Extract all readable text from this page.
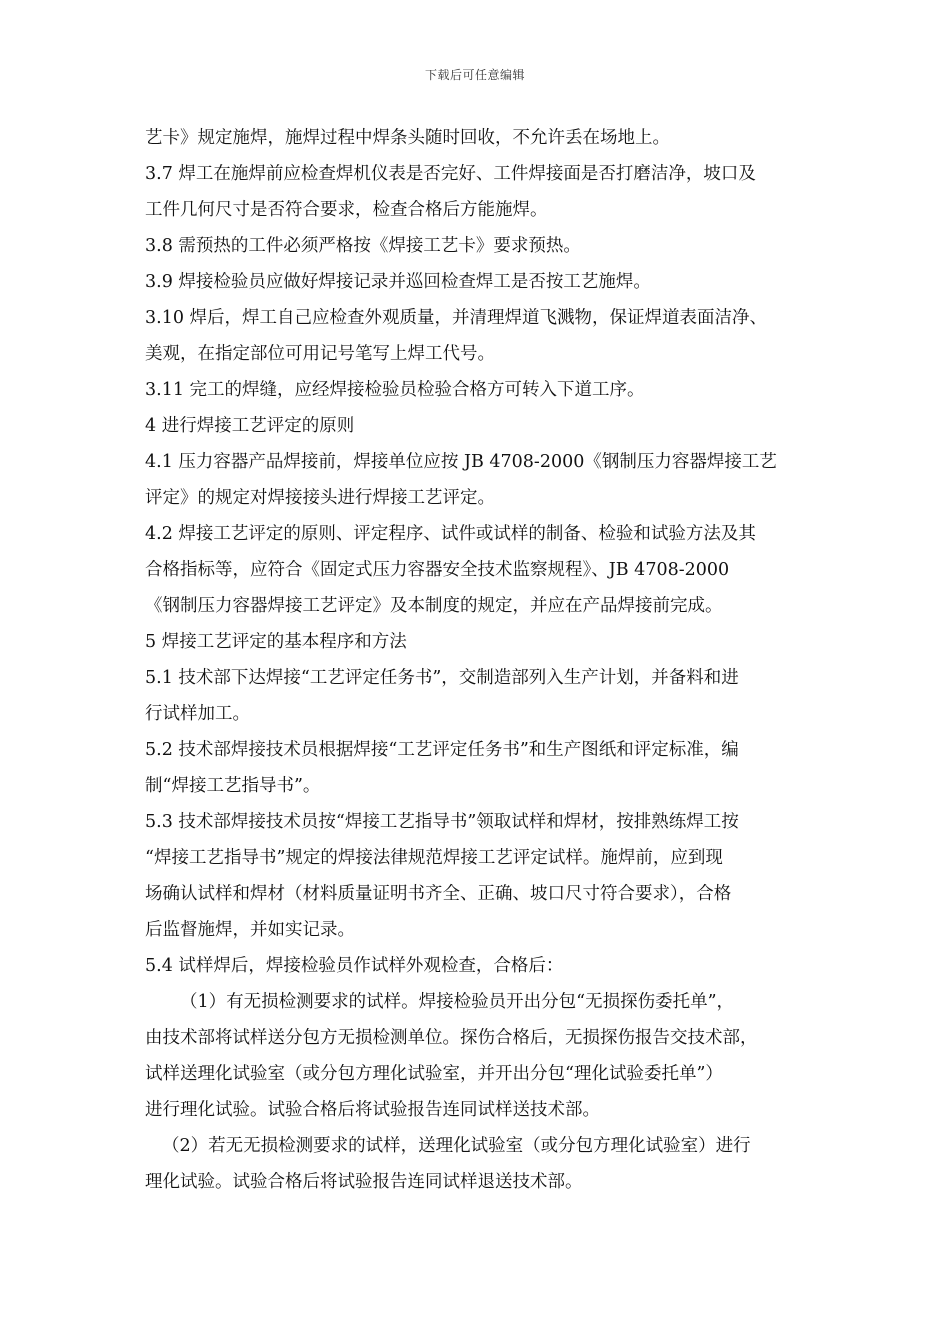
下载后可任意编辑
艺卡》规定施焊，施焊过程中焊条头随时回收，不允许丢在场地上。
3.7 焊工在施焊前应检查焊机仪表是否完好、工件焊接面是否打磨洁净，坡口及
工件几何尺寸是否符合要求，检查合格后方能施焊。
3.8 需预热的工件必须严格按《焊接工艺卡》要求预热。
3.9 焊接检验员应做好焊接记录并巡回检查焊工是否按工艺施焊。
3.10 焊后，焊工自己应检查外观质量，并清理焊道飞溅物，保证焊道表面洁净、
美观，在指定部位可用记号笔写上焊工代号。
3.11 完工的焊缝，应经焊接检验员检验合格方可转入下道工序。
4 进行焊接工艺评定的原则
4.1 压力容器产品焊接前，焊接单位应按 JB 4708-2000《钢制压力容器焊接工艺
评定》的规定对焊接接头进行焊接工艺评定。
4.2 焊接工艺评定的原则、评定程序、试件或试样的制备、检验和试验方法及其
合格指标等，应符合《固定式压力容器安全技术监察规程》、JB 4708-2000
《钢制压力容器焊接工艺评定》及本制度的规定，并应在产品焊接前完成。
5 焊接工艺评定的基本程序和方法
5.1 技术部下达焊接“工艺评定任务书”，交制造部列入生产计划，并备料和进
行试样加工。
5.2 技术部焊接技术员根据焊接“工艺评定任务书”和生产图纸和评定标准，编
制“焊接工艺指导书”。
5.3 技术部焊接技术员按“焊接工艺指导书”领取试样和焊材，按排熟练焊工按
“焊接工艺指导书”规定的焊接法律规范焊接工艺评定试样。施焊前，应到现
场确认试样和焊材（材料质量证明书齐全、正确、坡口尺寸符合要求），合格
后监督施焊，并如实记录。
5.4 试样焊后，焊接检验员作试样外观检查，合格后：
（1）有无损检测要求的试样。焊接检验员开出分包“无损探伤委托单”，
由技术部将试样送分包方无损检测单位。探伤合格后，无损探伤报告交技术部，
试样送理化试验室（或分包方理化试验室，并开出分包“理化试验委托单”）
进行理化试验。试验合格后将试验报告连同试样送技术部。
（2）若无无损检测要求的试样，送理化试验室（或分包方理化试验室）进行
理化试验。试验合格后将试验报告连同试样退送技术部。
